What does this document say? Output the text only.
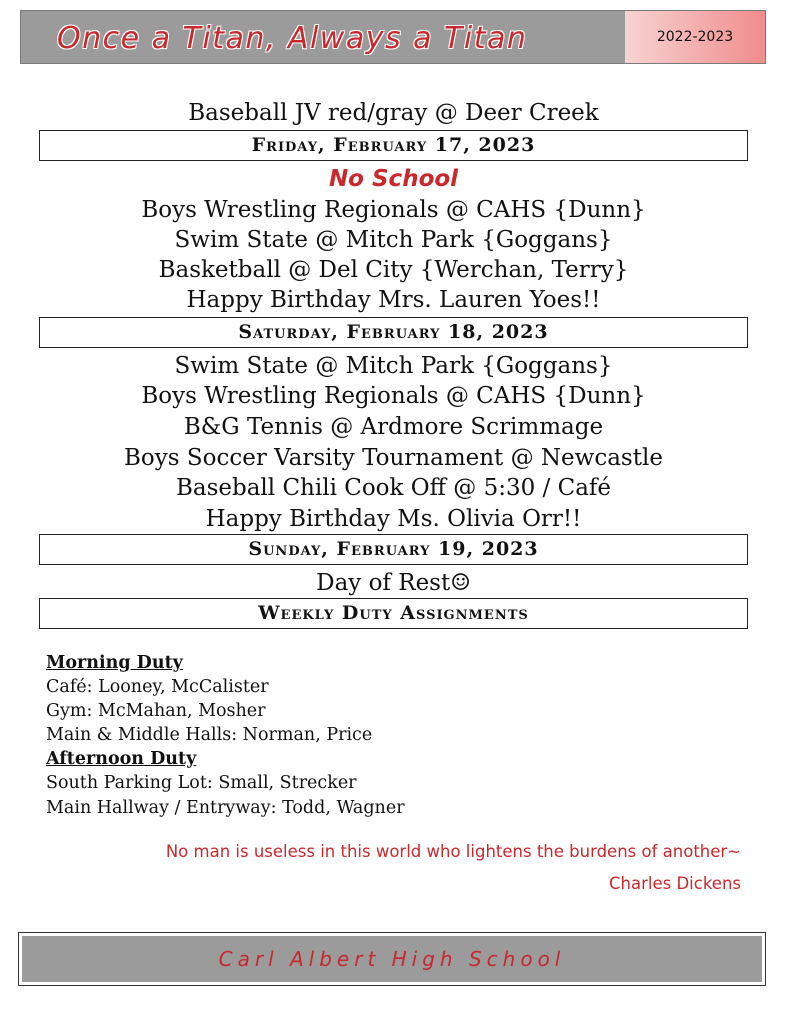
Once a Titan, Always a Titan	2022-2023
Baseball JV red/gray @ Deer Creek
Friday, February 17, 2023
No School
Boys Wrestling Regionals @ CAHS {Dunn}
Swim State @ Mitch Park {Goggans}
Basketball @ Del City {Werchan, Terry}
Happy Birthday Mrs. Lauren Yoes!!
Saturday, February 18, 2023
Swim State @ Mitch Park {Goggans}
Boys Wrestling Regionals @ CAHS {Dunn}
B&G Tennis @ Ardmore Scrimmage
Boys Soccer Varsity Tournament @ Newcastle
Baseball Chili Cook Off @ 5:30 / Café
Happy Birthday Ms. Olivia Orr!!
Sunday, February 19, 2023
Day of Rest☺
Weekly Duty Assignments
Morning Duty
Café: Looney, McCalister
Gym: McMahan, Mosher
Main & Middle Halls: Norman, Price
Afternoon Duty
South Parking Lot: Small, Strecker
Main Hallway / Entryway: Todd, Wagner
No man is useless in this world who lightens the burdens of another~
Charles Dickens
Carl Albert High School
